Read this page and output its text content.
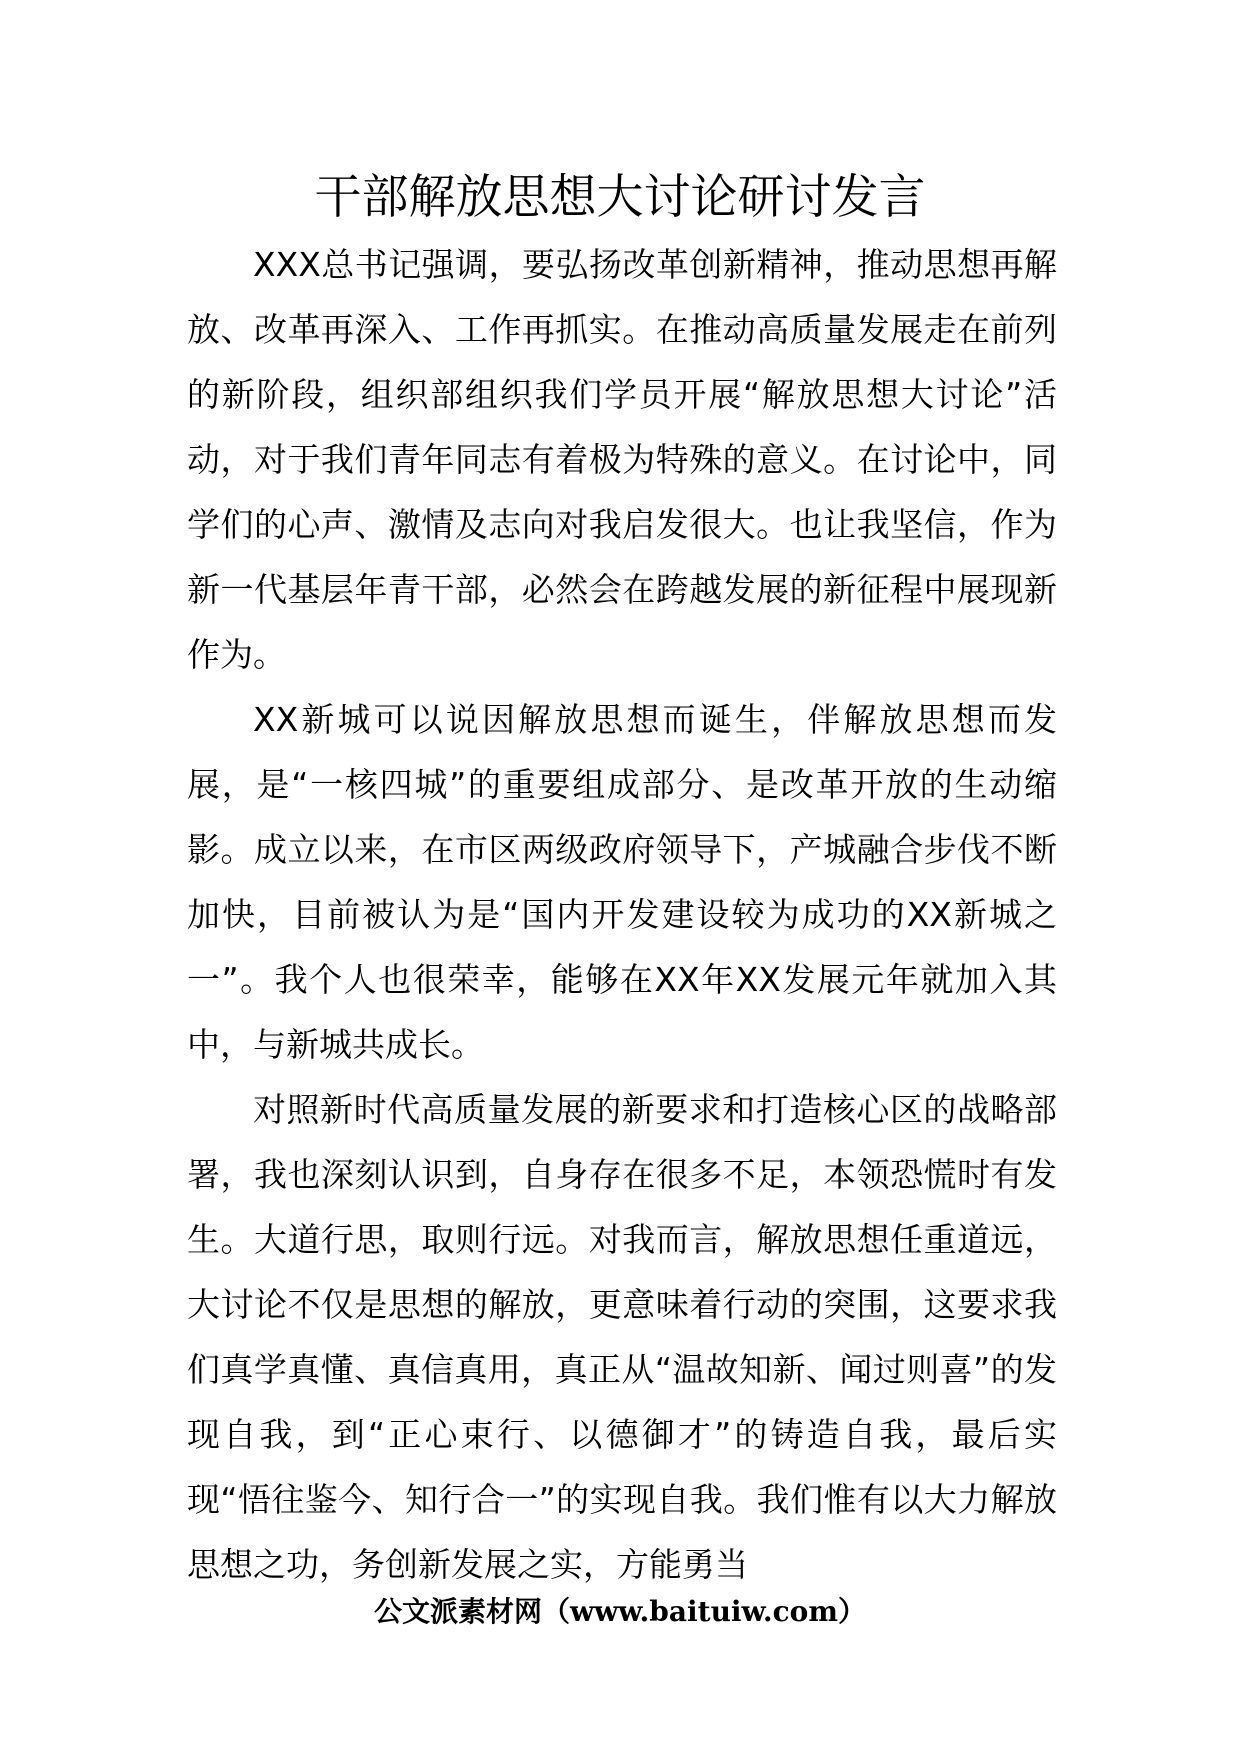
干部解放思想大讨论研讨发言

XXX总书记强调，要弘扬改革创新精神，推动思想再解放、改革再深入、工作再抓实。在推动高质量发展走在前列的新阶段，组织部组织我们学员开展“解放思想大讨论”活动，对于我们青年同志有着极为特殊的意义。在讨论中，同学们的心声、激情及志向对我启发很大。也让我坚信，作为新一代基层年青干部，必然会在跨越发展的新征程中展现新作为。

XX新城可以说因解放思想而诞生，伴解放思想而发展，是“一核四城”的重要组成部分、是改革开放的生动缩影。成立以来，在市区两级政府领导下，产城融合步伐不断加快，目前被认为是“国内开发建设较为成功的XX新城之一”。我个人也很荣幸，能够在XX年XX发展元年就加入其中，与新城共成长。

对照新时代高质量发展的新要求和打造核心区的战略部署，我也深刻认识到，自身存在很多不足，本领恐慌时有发生。大道行思，取则行远。对我而言，解放思想任重道远，大讨论不仅是思想的解放，更意味着行动的突围，这要求我们真学真懂、真信真用，真正从“温故知新、闻过则喜”的发现自我，到“正心束行、以德御才”的铸造自我，最后实现“悟往鉴今、知行合一”的实现自我。我们惟有以大力解放思想之功，务创新发展之实，方能勇当

公文派素材网（www.baituiw.com）
